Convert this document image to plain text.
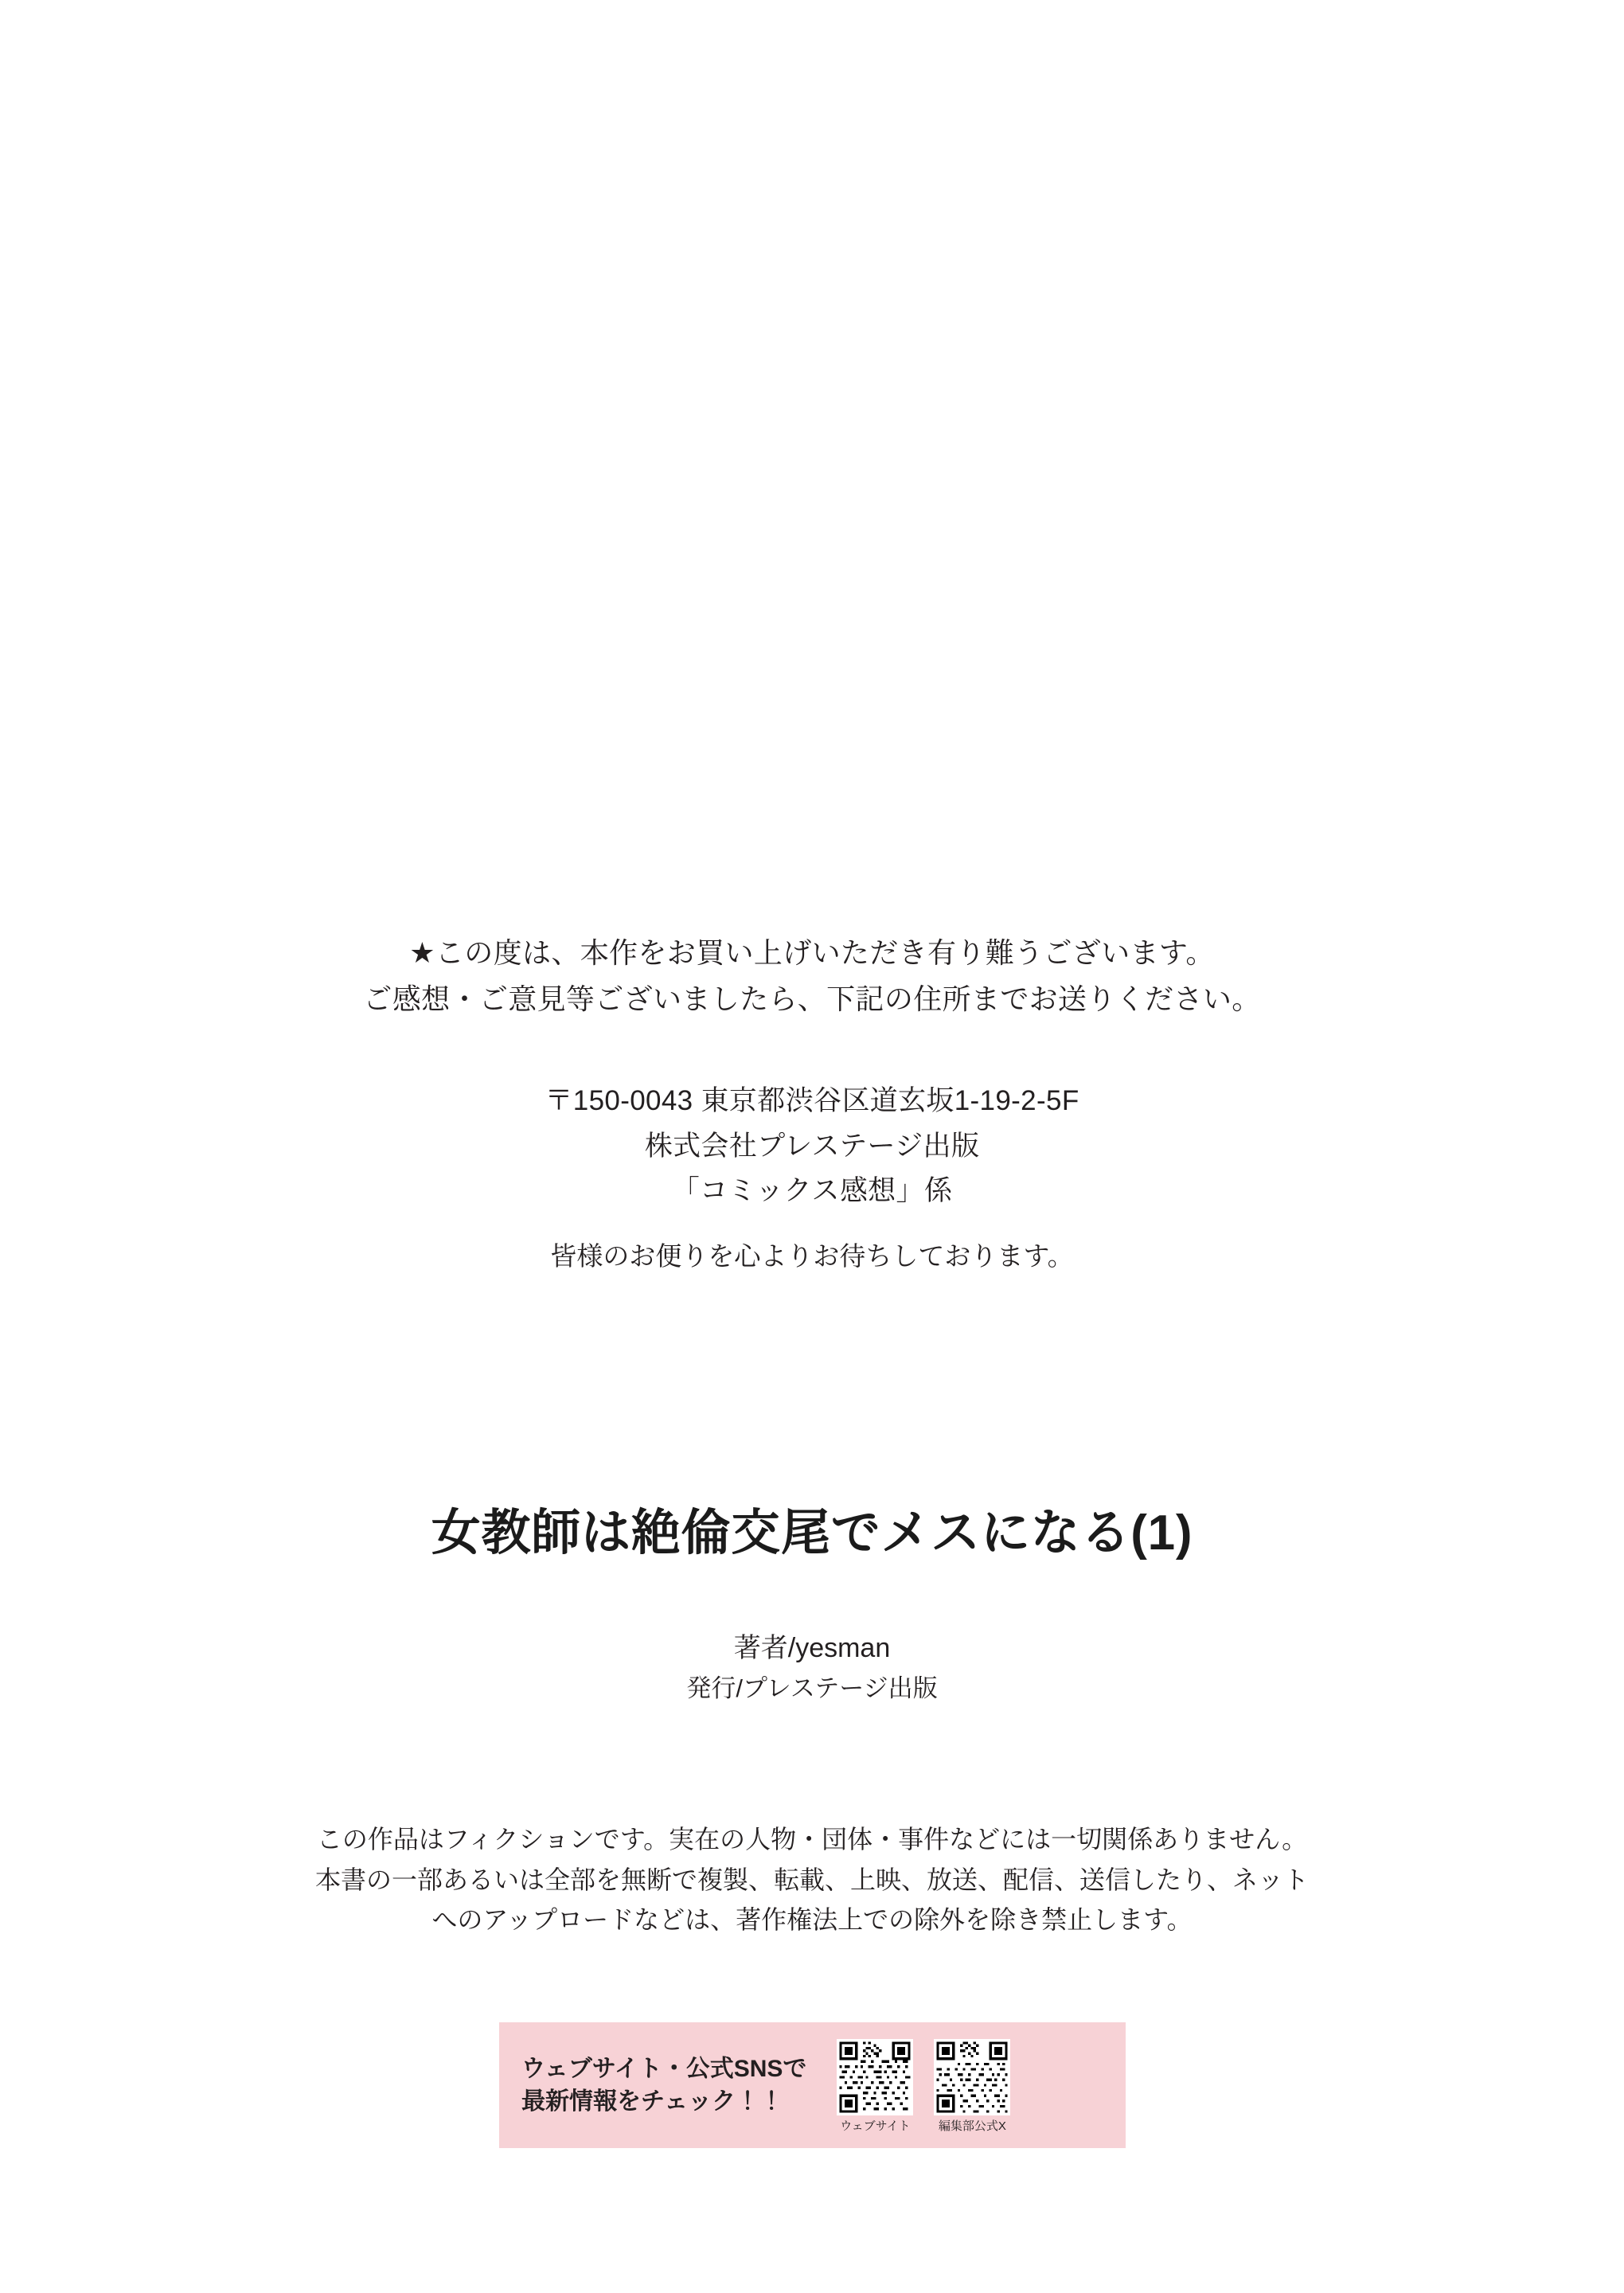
★この度は、本作をお買い上げいただき有り難うございます。
ご感想・ご意見等ございましたら、下記の住所までお送りください。
〒150-0043 東京都渋谷区道玄坂1-19-2-5F
株式会社プレステージ出版
「コミックス感想」係
皆様のお便りを心よりお待ちしております。
女教師は絶倫交尾でメスになる(1)
著者/yesman
発行/プレステージ出版
この作品はフィクションです。実在の人物・団体・事件などには一切関係ありません。
本書の一部あるいは全部を無断で複製、転載、上映、放送、配信、送信したり、ネット
へのアップロードなどは、著作権法上での除外を除き禁止します。
ウェブサイト・公式SNSで
最新情報をチェック！！
ウェブサイト 編集部公式X
